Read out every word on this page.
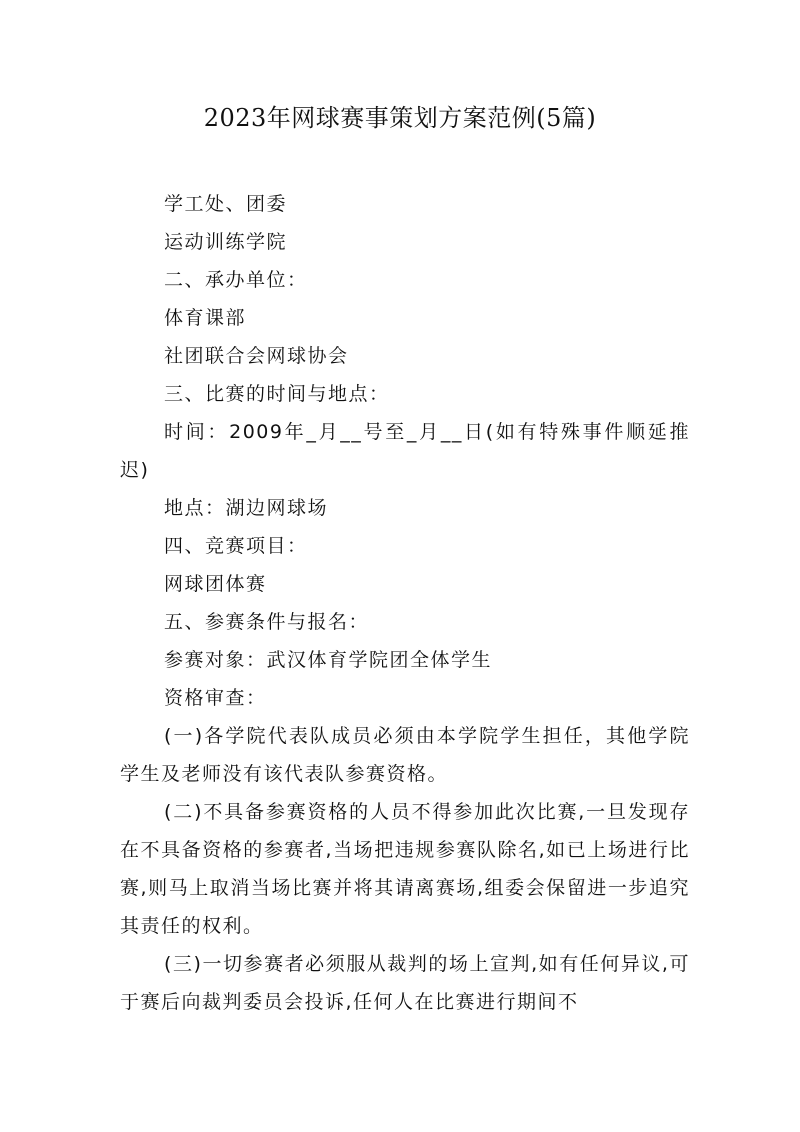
2023年网球赛事策划方案范例(5篇)

学工处、团委

运动训练学院

二、承办单位：

体育课部

社团联合会网球协会

三、比赛的时间与地点：

时间：2009年_月__号至_月__日(如有特殊事件顺延推迟)

地点：湖边网球场

四、竞赛项目：

网球团体赛

五、参赛条件与报名：

参赛对象：武汉体育学院团全体学生

资格审查：

(一)各学院代表队成员必须由本学院学生担任，其他学院学生及老师没有该代表队参赛资格。

(二)不具备参赛资格的人员不得参加此次比赛,一旦发现存在不具备资格的参赛者,当场把违规参赛队除名,如已上场进行比赛,则马上取消当场比赛并将其请离赛场,组委会保留进一步追究其责任的权利。

(三)一切参赛者必须服从裁判的场上宣判,如有任何异议,可于赛后向裁判委员会投诉,任何人在比赛进行期间不
